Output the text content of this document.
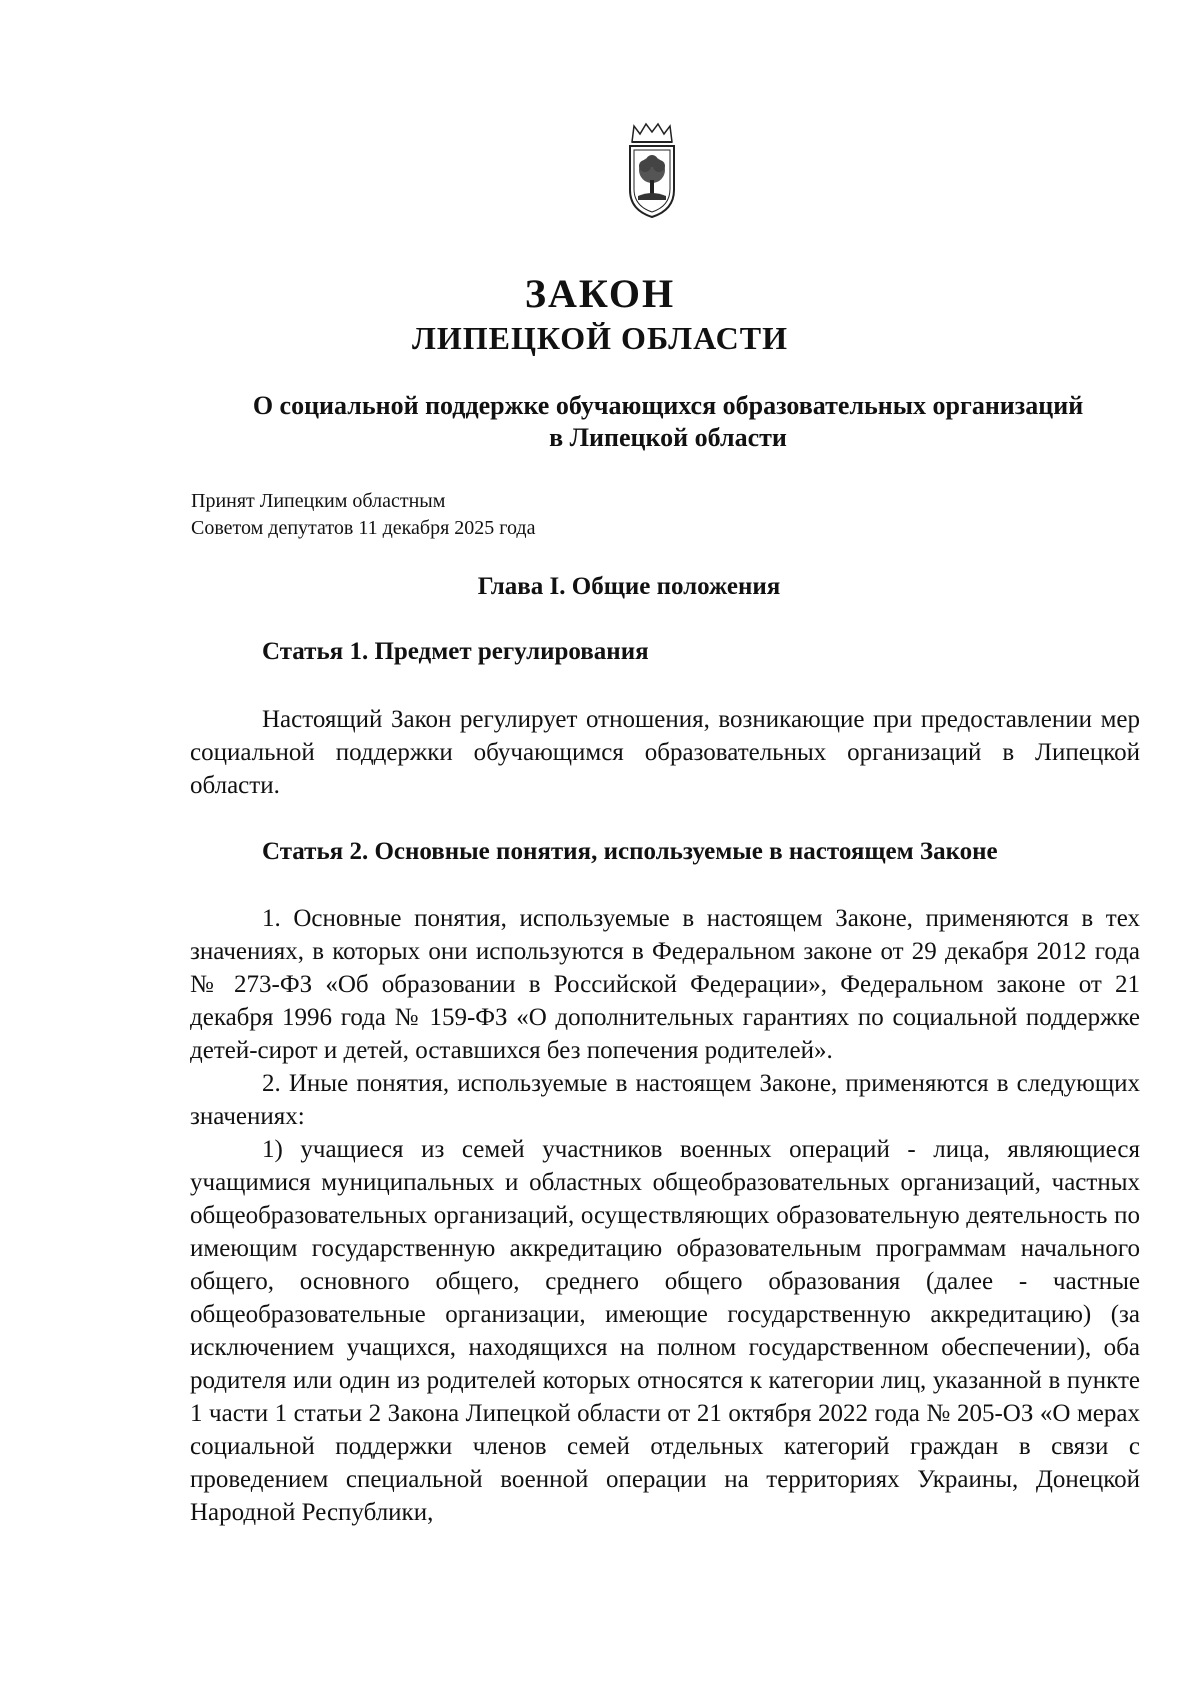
ЗАКОН
ЛИПЕЦКОЙ ОБЛАСТИ
О социальной поддержке обучающихся образовательных организаций
в Липецкой области
Принят Липецким областным
Советом депутатов 11 декабря 2025 года
Глава I. Общие положения
Статья 1. Предмет регулирования

Настоящий Закон регулирует отношения, возникающие при предоставлении мер социальной поддержки обучающимся образовательных организаций в Липецкой области.

Статья 2. Основные понятия, используемые в настоящем Законе

1. Основные понятия, используемые в настоящем Законе, применяются в тех значениях, в которых они используются в Федеральном законе от 29 декабря 2012 года № 273-ФЗ «Об образовании в Российской Федерации», Федеральном законе от 21 декабря 1996 года № 159-ФЗ «О дополнительных гарантиях по социальной поддержке детей-сирот и детей, оставшихся без попечения родителей».

2. Иные понятия, используемые в настоящем Законе, применяются в следующих значениях:

1) учащиеся из семей участников военных операций - лица, являющиеся учащимися муниципальных и областных общеобразовательных организаций, частных общеобразовательных организаций, осуществляющих образовательную деятельность по имеющим государственную аккредитацию образовательным программам начального общего, основного общего, среднего общего образования (далее - частные общеобразовательные организации, имеющие государственную аккредитацию) (за исключением учащихся, находящихся на полном государственном обеспечении), оба родителя или один из родителей которых относятся к категории лиц, указанной в пункте 1 части 1 статьи 2 Закона Липецкой области от 21 октября 2022 года № 205-ОЗ «О мерах социальной поддержки членов семей отдельных категорий граждан в связи с проведением специальной военной операции на территориях Украины, Донецкой Народной Республики,
